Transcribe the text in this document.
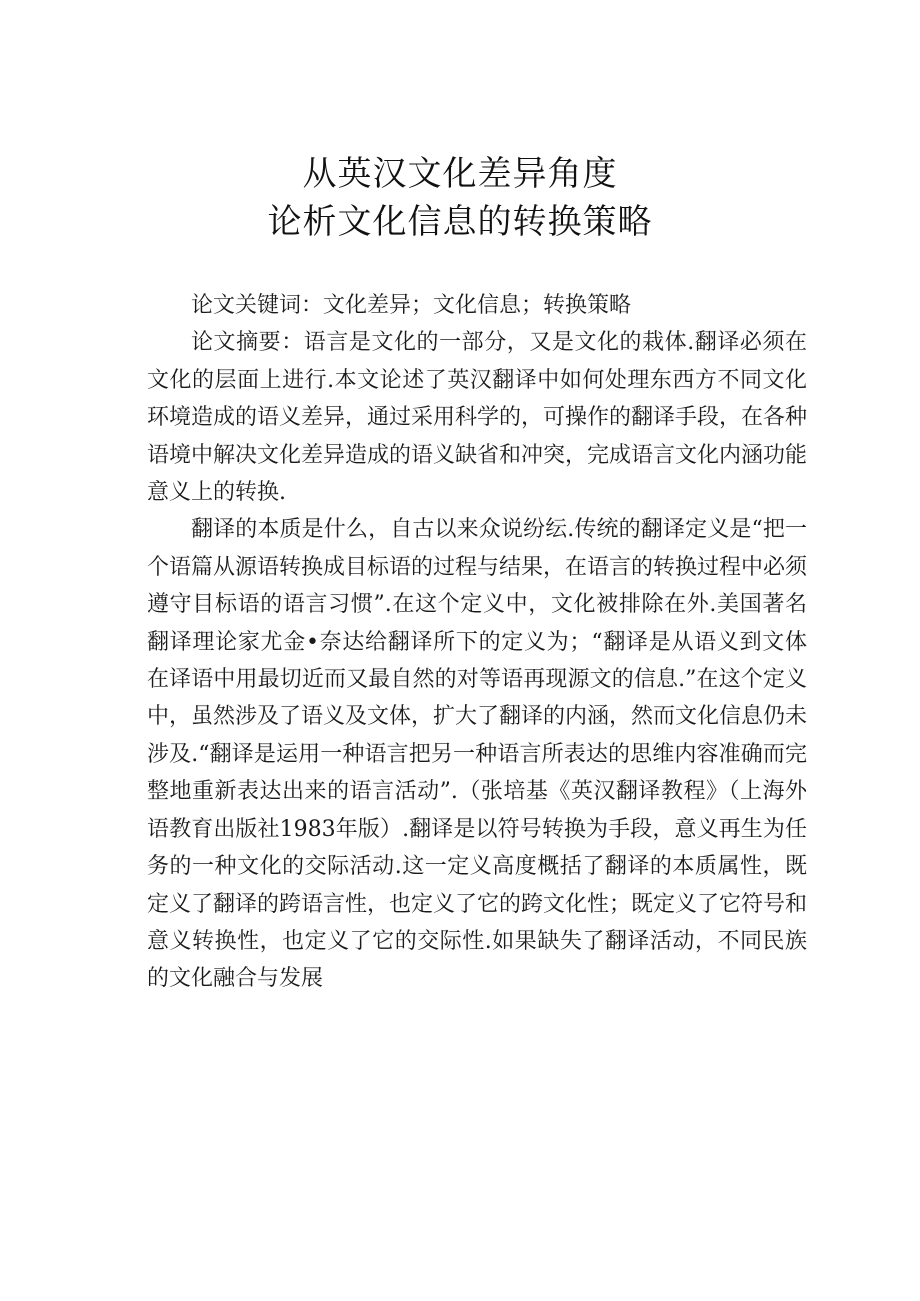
从英汉文化差异角度
论析文化信息的转换策略

论文关键词：文化差异；文化信息；转换策略

论文摘要：语言是文化的一部分，又是文化的栽体.翻译必须在文化的层面上进行.本文论述了英汉翻译中如何处理东西方不同文化环境造成的语义差异，通过采用科学的，可操作的翻译手段，在各种语境中解决文化差异造成的语义缺省和冲突，完成语言文化内涵功能意义上的转换.

翻译的本质是什么，自古以来众说纷纭.传统的翻译定义是“把一个语篇从源语转换成目标语的过程与结果，在语言的转换过程中必须遵守目标语的语言习惯”.在这个定义中，文化被排除在外.美国著名翻译理论家尤金•奈达给翻译所下的定义为；“翻译是从语义到文体在译语中用最切近而又最自然的对等语再现源文的信息.”在这个定义中，虽然涉及了语义及文体，扩大了翻译的内涵，然而文化信息仍未涉及.“翻译是运用一种语言把另一种语言所表达的思维内容准确而完整地重新表达出来的语言活动”.（张培基《英汉翻译教程》（上海外语教育出版社1983年版）.翻译是以符号转换为手段，意义再生为任务的一种文化的交际活动.这一定义高度概括了翻译的本质属性，既定义了翻译的跨语言性，也定义了它的跨文化性；既定义了它符号和意义转换性，也定义了它的交际性.如果缺失了翻译活动，不同民族的文化融合与发展
